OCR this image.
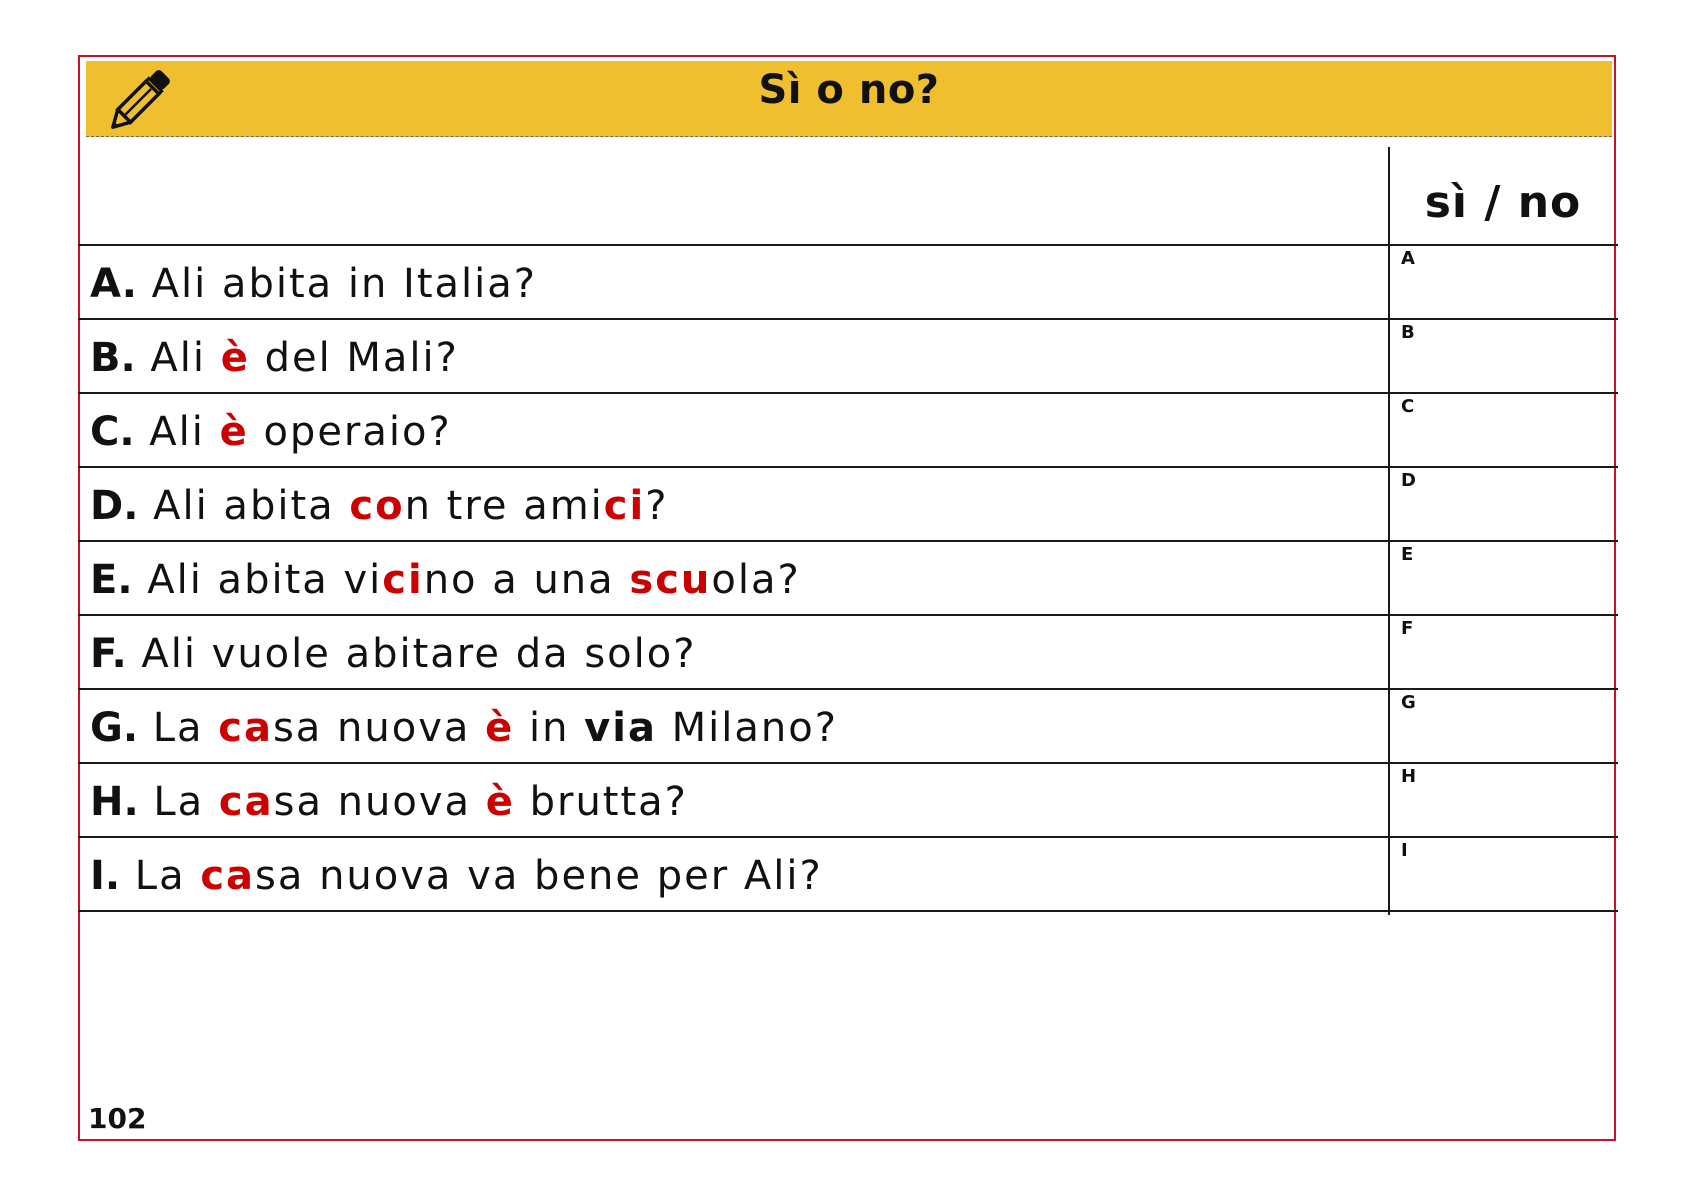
Sì o no?
sì / no
A. Ali abita in Italia?
A
B. Ali è del Mali?
B
C. Ali è operaio?
C
D. Ali abita con tre amici?
D
E. Ali abita vicino a una scuola?
E
F. Ali vuole abitare da solo?
F
G. La casa nuova è in via Milano?
G
H. La casa nuova è brutta?
H
I. La casa nuova va bene per Ali?
I
102
